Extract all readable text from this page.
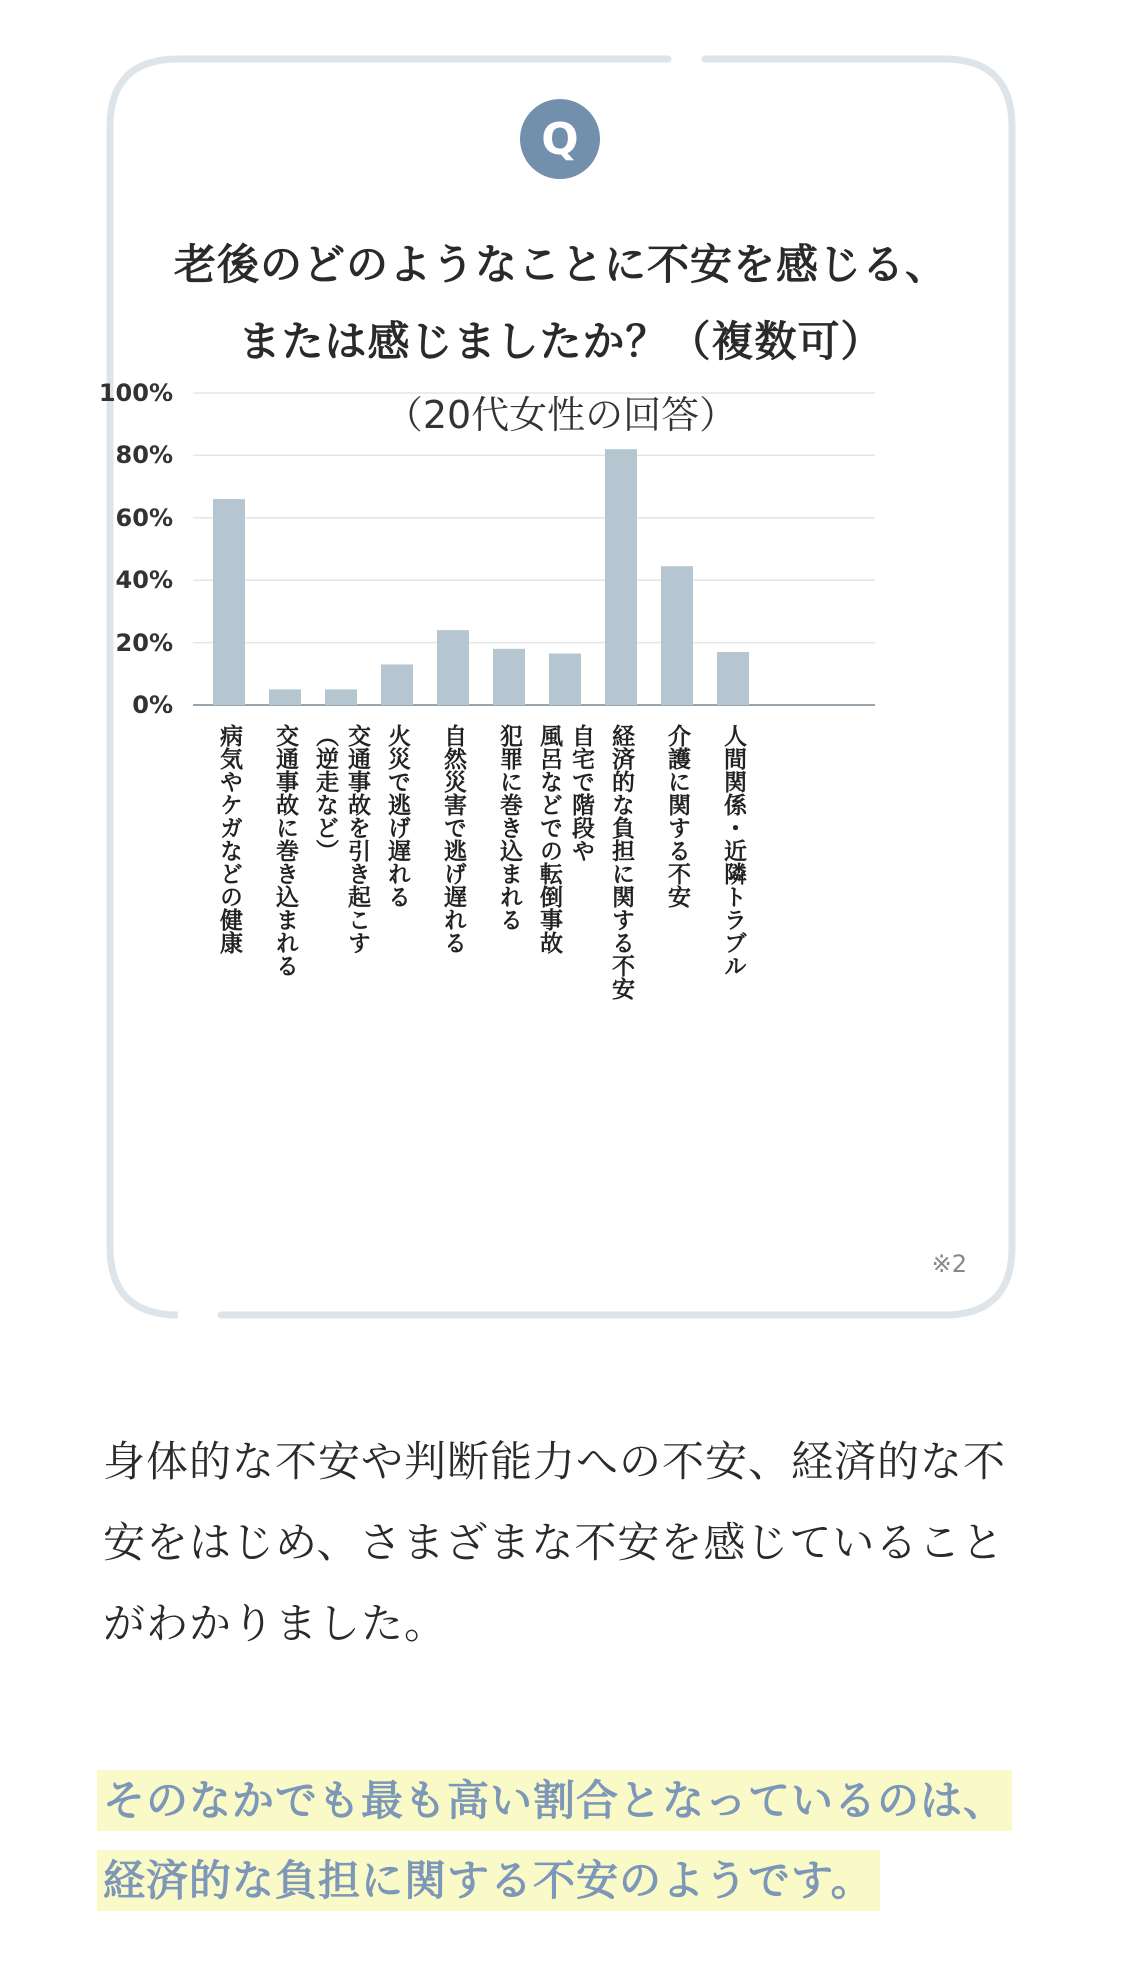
Q
老後のどのようなことに不安を感じる、
または感じましたか？（複数可）
（20代女性の回答）
100%
80%
60%
40%
20%
0%
病気やケガなどの健康 交通事故に巻き込まれる 交通事故を引き起こす
（逆走など） 火災で逃げ遅れる 自然災害で逃げ遅れる 犯罪に巻き込まれる 自宅で階段や
風呂などでの転倒事故 経済的な負担に関する不安 介護に関する不安 人間関係・近隣トラブル
※2
身体的な不安や判断能力への不安、経済的な不安をはじめ、さまざまな不安を感じていることがわかりました。
そのなかでも最も高い割合となっているのは、経済的な負担に関する不安のようです。
